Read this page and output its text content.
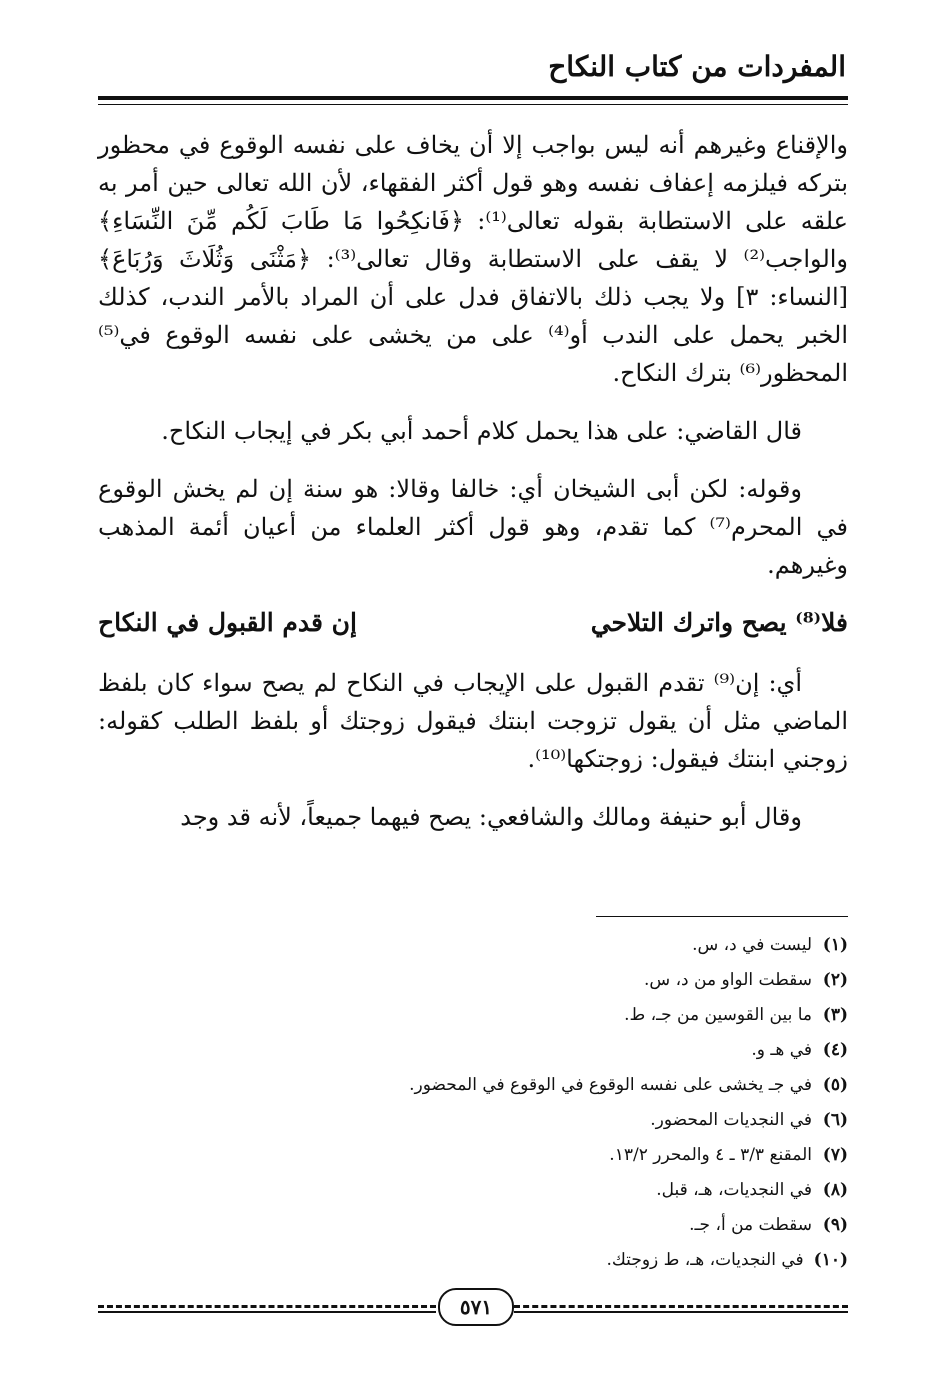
المفردات من كتاب النكاح

والإقناع وغيرهم أنه ليس بواجب إلا أن يخاف على نفسه الوقوع في محظور بتركه فيلزمه إعفاف نفسه وهو قول أكثر الفقهاء، لأن الله تعالى حين أمر به علقه على الاستطابة بقوله تعالى⁽¹⁾: ﴿فَانكِحُوا مَا طَابَ لَكُم مِّنَ النِّسَاءِ﴾ والواجب⁽²⁾ لا يقف على الاستطابة وقال تعالى⁽³⁾: ﴿مَثْنَى وَثُلَاثَ وَرُبَاعَ﴾ [النساء: ٣] ولا يجب ذلك بالاتفاق فدل على أن المراد بالأمر الندب، كذلك الخبر يحمل على الندب أو⁽⁴⁾ على من يخشى على نفسه الوقوع في⁽⁵⁾ المحظور⁽⁶⁾ بترك النكاح.

قال القاضي: على هذا يحمل كلام أحمد أبي بكر في إيجاب النكاح.

وقوله: لكن أبى الشيخان أي: خالفا وقالا: هو سنة إن لم يخش الوقوع في المحرم⁽⁷⁾ كما تقدم، وهو قول أكثر العلماء من أعيان أئمة المذهب وغيرهم.

إن قدم القبول في النكاح	فلا⁽⁸⁾ يصح واترك التلاحي

أي: إن⁽⁹⁾ تقدم القبول على الإيجاب في النكاح لم يصح سواء كان بلفظ الماضي مثل أن يقول تزوجت ابنتك فيقول زوجتك أو بلفظ الطلب كقوله: زوجني ابنتك فيقول: زوجتكها⁽¹⁰⁾.

وقال أبو حنيفة ومالك والشافعي: يصح فيهما جميعاً، لأنه قد وجد

(١)
ليست في د، س.
(٢)
سقطت الواو من د، س.
(٣)
ما بين القوسين من جـ، ط.
(٤)
في هـ و.
(٥)
في جـ يخشى على نفسه الوقوع في الوقوع في المحضور.
(٦)
في النجديات المحضور.
(٧)
المقنع ٣/٣ ـ ٤ والمحرر ١٣/٢.
(٨)
في النجديات، هـ، قبل.
(٩)
سقطت من أ، جـ.
(١٠)
في النجديات، هـ، ط زوجتك.
٥٧١
